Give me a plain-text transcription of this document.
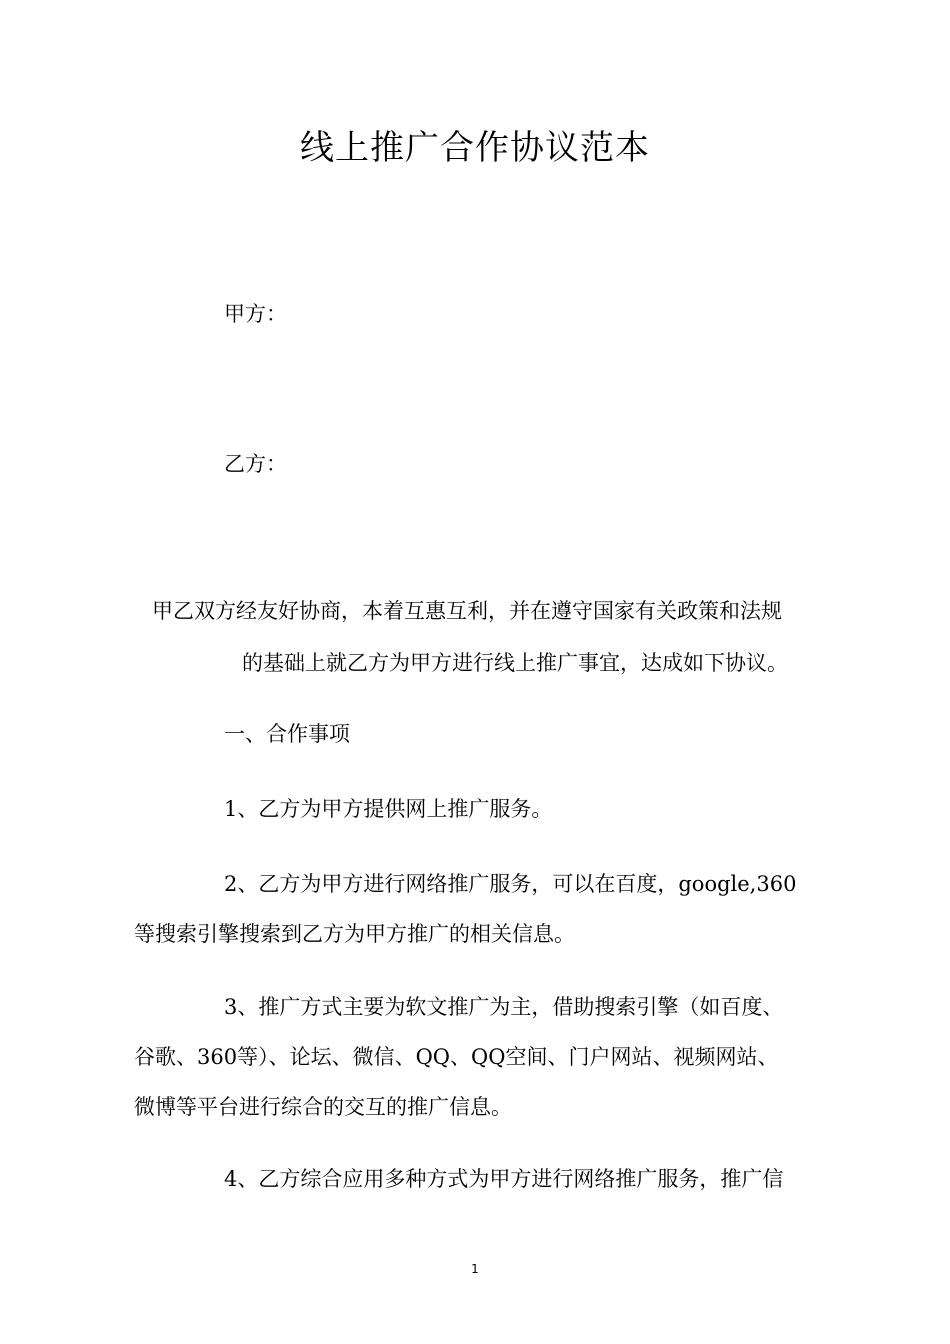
线上推广合作协议范本
甲方：
乙方：
甲乙双方经友好协商，本着互惠互利，并在遵守国家有关政策和法规
的基础上就乙方为甲方进行线上推广事宜，达成如下协议。
一、合作事项
1、乙方为甲方提供网上推广服务。
2、乙方为甲方进行网络推广服务，可以在百度，google,360
等搜索引擎搜索到乙方为甲方推广的相关信息。
3、推广方式主要为软文推广为主，借助搜索引擎（如百度、
谷歌、360等）、论坛、微信、QQ、QQ空间、门户网站、视频网站、
微博等平台进行综合的交互的推广信息。
4、乙方综合应用多种方式为甲方进行网络推广服务，推广信
1
